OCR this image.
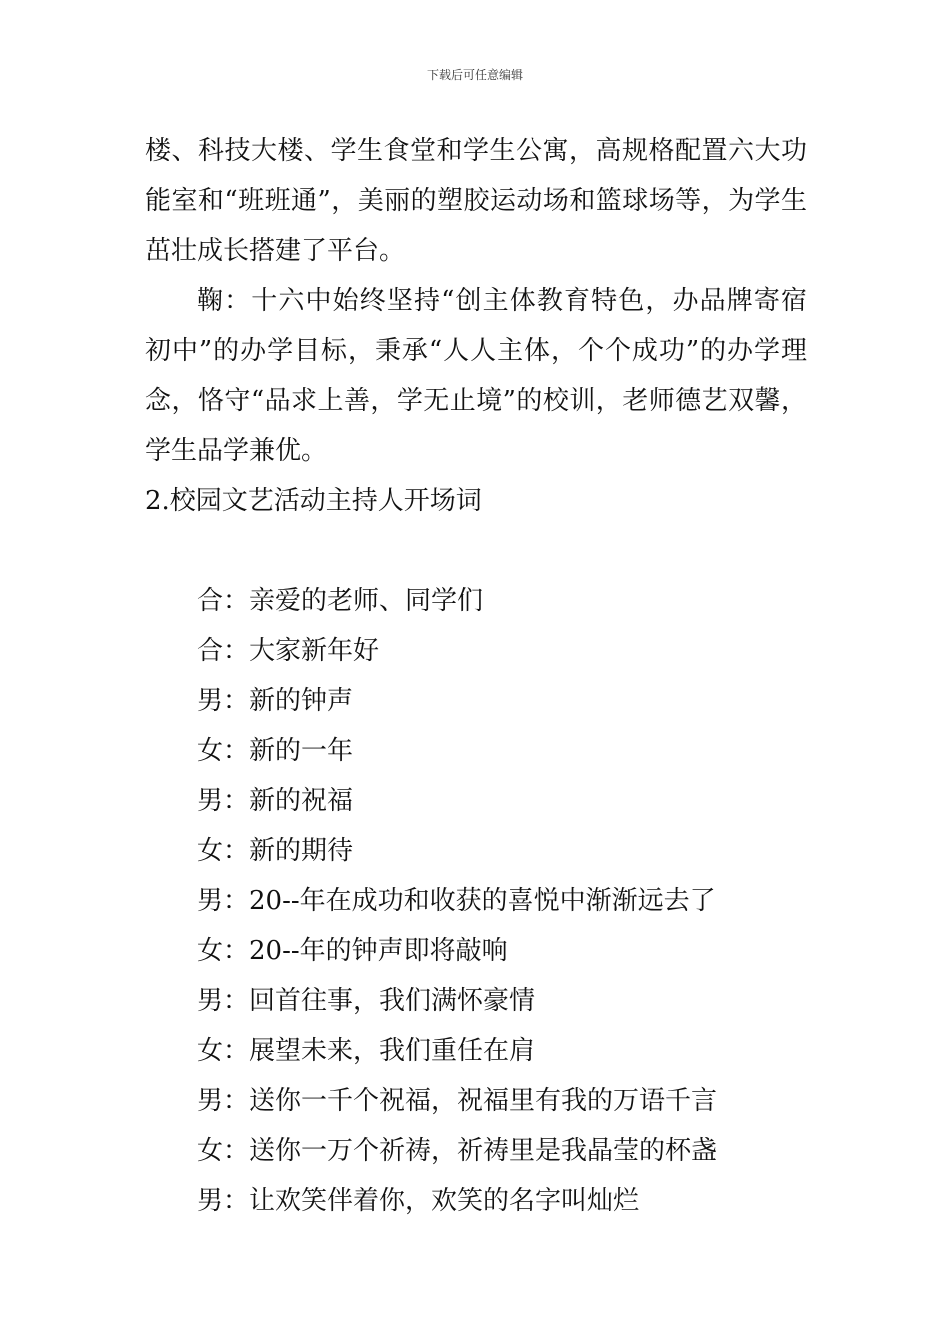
下载后可任意编辑

楼、科技大楼、学生食堂和学生公寓，高规格配置六大功能室和“班班通”，美丽的塑胶运动场和篮球场等，为学生茁壮成长搭建了平台。

鞠：十六中始终坚持“创主体教育特色，办品牌寄宿初中”的办学目标，秉承“人人主体，个个成功”的办学理念，恪守“品求上善，学无止境”的校训，老师德艺双馨，学生品学兼优。

2.校园文艺活动主持人开场词

合：亲爱的老师、同学们

合：大家新年好

男：新的钟声

女：新的一年

男：新的祝福

女：新的期待

男：20--年在成功和收获的喜悦中渐渐远去了

女：20--年的钟声即将敲响

男：回首往事，我们满怀豪情

女：展望未来，我们重任在肩

男：送你一千个祝福，祝福里有我的万语千言

女：送你一万个祈祷，祈祷里是我晶莹的杯盏

男：让欢笑伴着你，欢笑的名字叫灿烂
